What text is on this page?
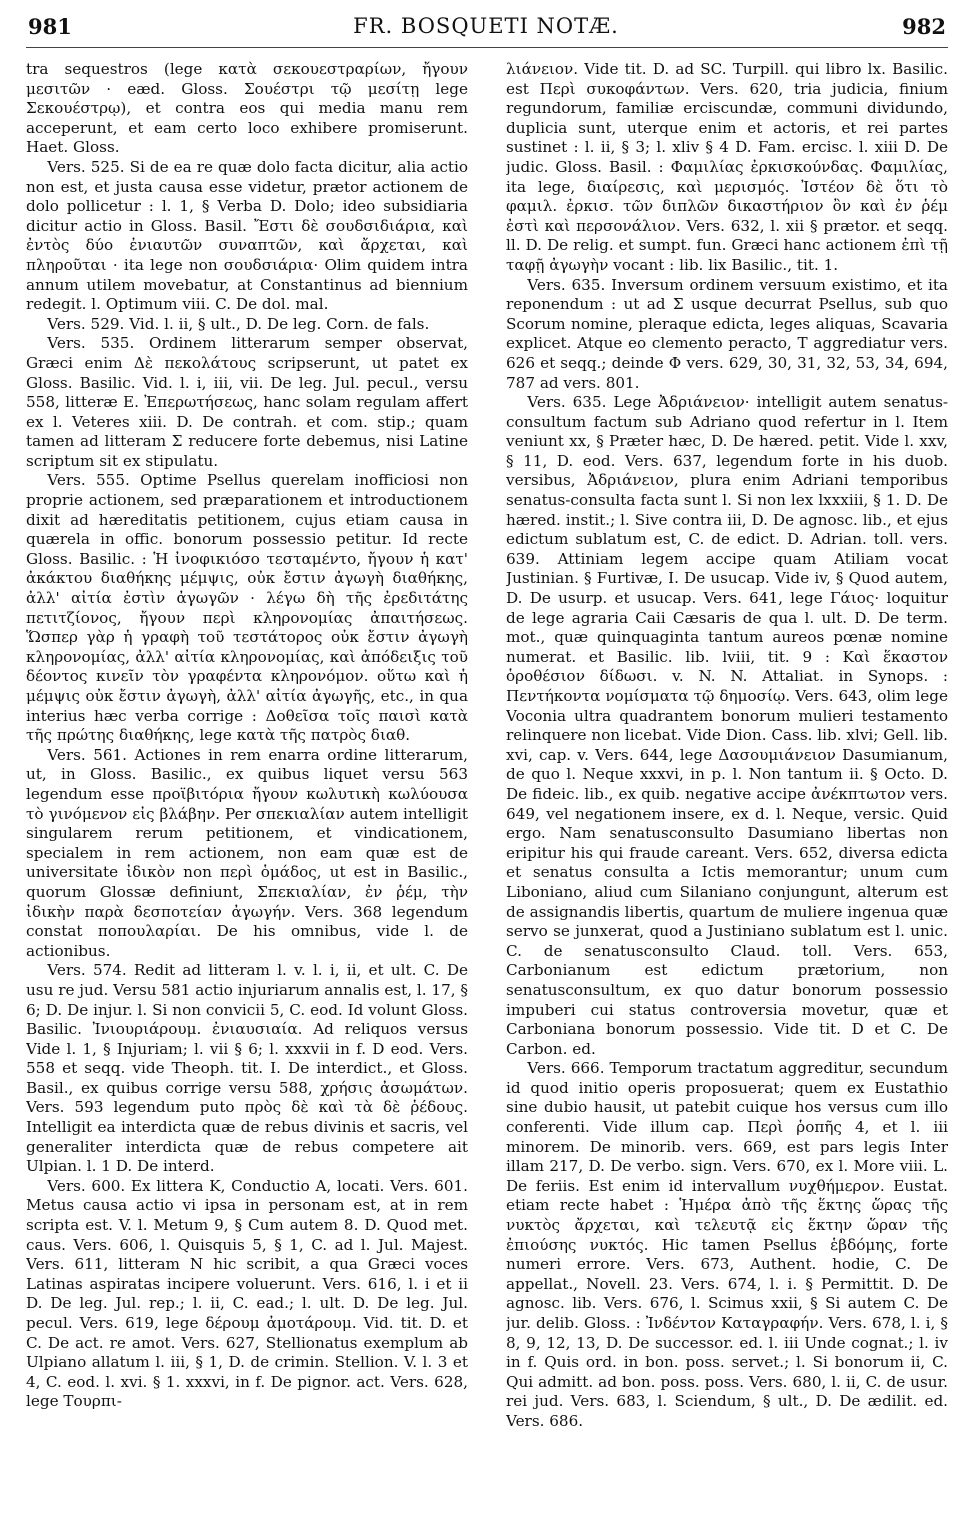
981	FR. BOSQUETI NOTÆ.	982

tra sequestros (lege κατὰ σεκουεστραρίων, ἤγουν μεσιτῶν · eæd. Gloss. Σουέστρι τῷ μεσίτῃ lege Σεκουέστρῳ), et contra eos qui media manu rem acceperunt, et eam certo loco exhibere promiserunt. Haet. Gloss.

Vers. 525. Si de ea re quæ dolo facta dicitur, alia actio non est, et justa causa esse videtur, prætor actionem de dolo pollicetur : l. 1, § Verba D. Dolo; ideo subsidiaria dicitur actio in Gloss. Basil. Ἔστι δὲ σουδσιδιάρια, καὶ ἐντὸς δύο ἐνιαυτῶν συναπτῶν, καὶ ἄρχεται, καὶ πληροῦται · ita lege non σουδσιάρια· Olim quidem intra annum utilem movebatur, at Constantinus ad biennium redegit. l. Optimum viii. C. De dol. mal.

Vers. 529. Vid. l. ii, § ult., D. De leg. Corn. de fals.

Vers. 535. Ordinem litterarum semper observat, Græci enim Δὲ πεκολάτους scripserunt, ut patet ex Gloss. Basilic. Vid. l. i, iii, vii. De leg. Jul. pecul., versu 558, litteræ E. Ἐπερωτήσεως, hanc solam regulam affert ex l. Veteres xiii. D. De contrah. et com. stip.; quam tamen ad litteram Σ reducere forte debemus, nisi Latine scriptum sit ex stipulatu.

Vers. 555. Optime Psellus querelam inofficiosi non proprie actionem, sed præparationem et introductionem dixit ad hæreditatis petitionem, cujus etiam causa in quærela in offic. bonorum possessio petitur. Id recte Gloss. Basilic. : Ἡ ἰνοφικιόσο τεσταμέντο, ἤγουν ἡ κατ' ἀκάκτου διαθήκης μέμψις, οὐκ ἔστιν ἀγωγὴ διαθήκης, ἀλλ' αἰτία ἐστὶν ἀγωγῶν · λέγω δὴ τῆς ἐρεδιτάτης πετιτζίονος, ἤγουν περὶ κληρονομίας ἀπαιτήσεως. Ὥσπερ γὰρ ἡ γραφὴ τοῦ τεστάτορος οὐκ ἔστιν ἀγωγὴ κληρονομίας, ἀλλ' αἰτία κληρονομίας, καὶ ἀπόδειξις τοῦ δέοντος κινεῖν τὸν γραφέντα κληρονόμον. οὕτω καὶ ἡ μέμψις οὐκ ἔστιν ἀγωγὴ, ἀλλ' αἰτία ἀγωγῆς, etc., in qua interius hæc verba corrige : Δοθεῖσα τοῖς παισὶ κατὰ τῆς πρώτης διαθήκης, lege κατὰ τῆς πατρὸς διαθ.

Vers. 561. Actiones in rem enarra ordine litterarum, ut, in Gloss. Basilic., ex quibus liquet versu 563 legendum esse προϊβιτόρια ἤγουν κωλυτικὴ κωλύουσα τὸ γινόμενον εἰς βλάβην. Per σπεκιαλίαν autem intelligit singularem rerum petitionem, et vindicationem, specialem in rem actionem, non eam quæ est de universitate ἰδικὸν non περὶ ὁμάδος, ut est in Basilic., quorum Glossæ definiunt, Σπεκιαλίαν, ἐν ῥέμ, τὴν ἰδικὴν παρὰ δεσποτείαν ἀγωγήν. Vers. 368 legendum constat ποπουλαρίαι. De his omnibus, vide l. de actionibus.

Vers. 574. Redit ad litteram l. v. l. i, ii, et ult. C. De usu re jud. Versu 581 actio injuriarum annalis est, l. 17, § 6; D. De injur. l. Si non convicii 5, C. eod. Id volunt Gloss. Basilic. Ἰνιουριάρουμ. ἐνιαυσιαία. Ad reliquos versus Vide l. 1, § Injuriam; l. vii § 6; l. xxxvii in f. D eod. Vers. 558 et seqq. vide Theoph. tit. I. De interdict., et Gloss. Basil., ex quibus corrige versu 588, χρήσις ἀσωμάτων. Vers. 593 legendum puto πρὸς δὲ καὶ τὰ δὲ ῥέδους. Intelligit ea interdicta quæ de rebus divinis et sacris, vel generaliter interdicta quæ de rebus competere ait Ulpian. l. 1 D. De interd.

Vers. 600. Ex littera K, Conductio A, locati. Vers. 601. Metus causa actio vi ipsa in personam est, at in rem scripta est. V. l. Metum 9, § Cum autem 8. D. Quod met. caus. Vers. 606, l. Quisquis 5, § 1, C. ad l. Jul. Majest. Vers. 611, litteram N hic scribit, a qua Græci voces Latinas aspiratas incipere voluerunt. Vers. 616, l. i et ii D. De leg. Jul. rep.; l. ii, C. ead.; l. ult. D. De leg. Jul. pecul. Vers. 619, lege δέρουμ ἀμοτάρουμ. Vid. tit. D. et C. De act. re amot. Vers. 627, Stellionatus exemplum ab Ulpiano allatum l. iii, § 1, D. de crimin. Stellion. V. l. 3 et 4, C. eod. l. xvi. § 1. xxxvi, in f. De pignor. act. Vers. 628, lege Τουρπι-

λιάνειον. Vide tit. D. ad SC. Turpill. qui libro lx. Basilic. est Περὶ συκοφάντων. Vers. 620, tria judicia, finium regundorum, familiæ erciscundæ, communi dividundo, duplicia sunt, uterque enim et actoris, et rei partes sustinet : l. ii, § 3; l. xliv § 4 D. Fam. ercisc. l. xiii D. De judic. Gloss. Basil. : Φαμιλίας ἐρκισκούνδας. Φαμιλίας, ita lege, διαίρεσις, καὶ μερισμός. Ἰστέον δὲ ὅτι τὸ φαμιλ. ἐρκισ. τῶν διπλῶν δικαστήριον ὂν καὶ ἐν ῥέμ ἐστὶ καὶ περσονάλιον. Vers. 632, l. xii § prætor. et seqq. ll. D. De relig. et sumpt. fun. Græci hanc actionem ἐπὶ τῇ ταφῇ ἀγωγὴν vocant : lib. lix Basilic., tit. 1.

Vers. 635. Inversum ordinem versuum existimo, et ita reponendum : ut ad Σ usque decurrat Psellus, sub quo Scorum nomine, pleraque edicta, leges aliquas, Scavaria explicet. Atque eo clemento peracto, T aggrediatur vers. 626 et seqq.; deinde Φ vers. 629, 30, 31, 32, 53, 34, 694, 787 ad vers. 801.

Vers. 635. Lege Ἀδριάνειον· intelligit autem senatus-consultum factum sub Adriano quod refertur in l. Item veniunt xx, § Præter hæc, D. De hæred. petit. Vide l. xxv, § 11, D. eod. Vers. 637, legendum forte in his duob. versibus, Ἀδριάνειον, plura enim Adriani temporibus senatus-consulta facta sunt l. Si non lex lxxxiii, § 1. D. De hæred. instit.; l. Sive contra iii, D. De agnosc. lib., et ejus edictum sublatum est, C. de edict. D. Adrian. toll. vers. 639. Attiniam legem accipe quam Atiliam vocat Justinian. § Furtivæ, I. De usucap. Vide iv, § Quod autem, D. De usurp. et usucap. Vers. 641, lege Γάιος· loquitur de lege agraria Caii Cæsaris de qua l. ult. D. De term. mot., quæ quinquaginta tantum aureos pœnæ nomine numerat. et Basilic. lib. lviii, tit. 9 : Καὶ ἕκαστον ὁροθέσιον δίδωσι. v. N. N. Attaliat. in Synops. : Πεντήκοντα νομίσματα τῷ δημοσίῳ. Vers. 643, olim lege Voconia ultra quadrantem bonorum mulieri testamento relinquere non licebat. Vide Dion. Cass. lib. xlvi; Gell. lib. xvi, cap. v. Vers. 644, lege Δασουμιάνειον Dasumianum, de quo l. Neque xxxvi, in p. l. Non tantum ii. § Octo. D. De fideic. lib., ex quib. negative accipe ἀνέκπτωτον vers. 649, vel negationem insere, ex d. l. Neque, versic. Quid ergo. Nam senatusconsulto Dasumiano libertas non eripitur his qui fraude careant. Vers. 652, diversa edicta et senatus consulta a Ictis memorantur; unum cum Liboniano, aliud cum Silaniano conjungunt, alterum est de assignandis libertis, quartum de muliere ingenua quæ servo se junxerat, quod a Justiniano sublatum est l. unic. C. de senatusconsulto Claud. toll. Vers. 653, Carbonianum est edictum prætorium, non senatusconsultum, ex quo datur bonorum possessio impuberi cui status controversia movetur, quæ et Carboniana bonorum possessio. Vide tit. D et C. De Carbon. ed.

Vers. 666. Temporum tractatum aggreditur, secundum id quod initio operis proposuerat; quem ex Eustathio sine dubio hausit, ut patebit cuique hos versus cum illo conferenti. Vide illum cap. Περὶ ῥοπῆς 4, et l. iii minorem. De minorib. vers. 669, est pars legis Inter illam 217, D. De verbo. sign. Vers. 670, ex l. More viii. L. De feriis. Est enim id intervallum νυχθήμερον. Eustat. etiam recte habet : Ἡμέρα ἀπὸ τῆς ἕκτης ὥρας τῆς νυκτὸς ἄρχεται, καὶ τελευτᾷ εἰς ἕκτην ὥραν τῆς ἐπιούσης νυκτός. Hic tamen Psellus ἑβδόμης, forte numeri errore. Vers. 673, Authent. hodie, C. De appellat., Novell. 23. Vers. 674, l. i. § Permittit. D. De agnosc. lib. Vers. 676, l. Scimus xxii, § Si autem C. De jur. delib. Gloss. : Ἰνδέντον Καταγραφήν. Vers. 678, l. i, § 8, 9, 12, 13, D. De successor. ed. l. iii Unde cognat.; l. iv in f. Quis ord. in bon. poss. servet.; l. Si bonorum ii, C. Qui admitt. ad bon. poss. poss. Vers. 680, l. ii, C. de usur. rei jud. Vers. 683, l. Sciendum, § ult., D. De ædilit. ed. Vers. 686.
